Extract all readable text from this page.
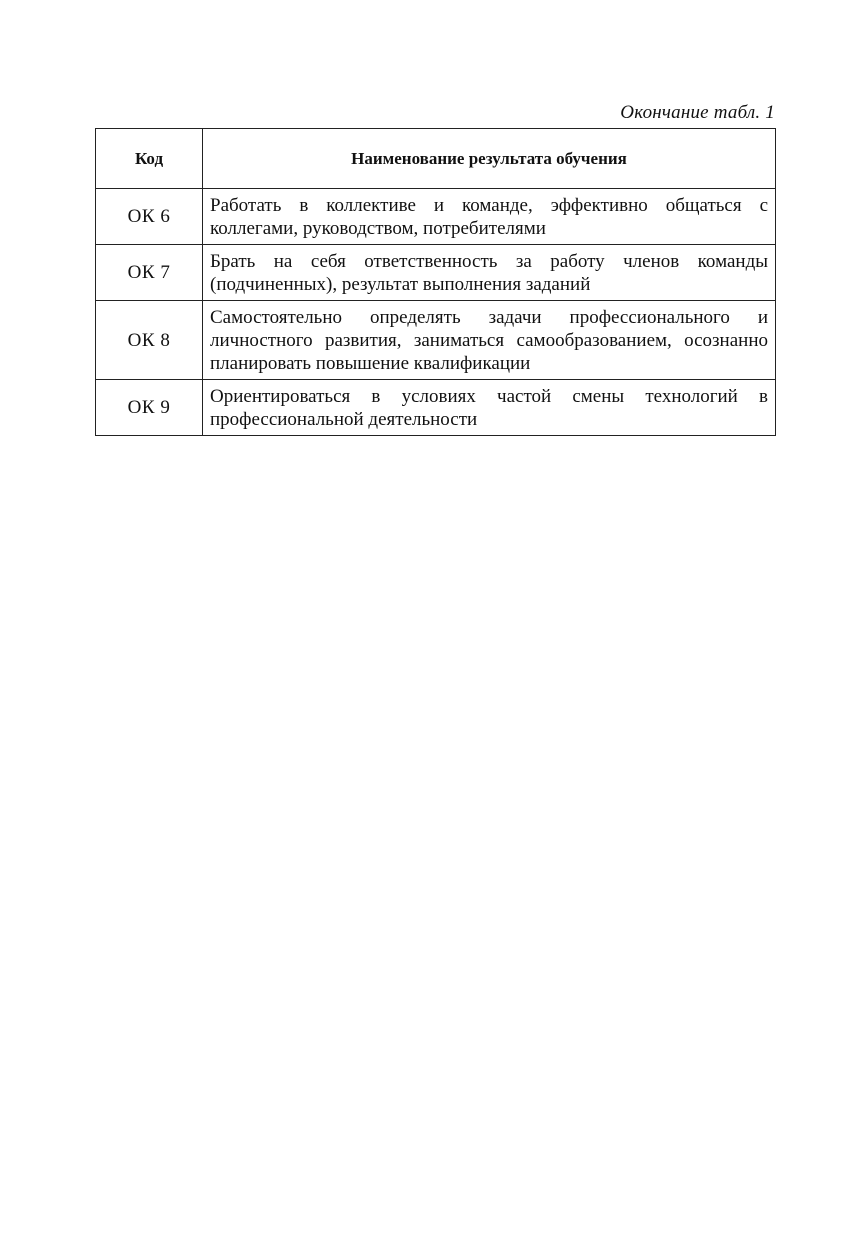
Окончание табл. 1
Код	Наименование результата обучения
ОК 6	Работать в коллективе и команде, эффективно общаться с коллегами, руководством, потребителями
ОК 7	Брать на себя ответственность за работу членов команды (подчиненных), результат выполнения заданий
ОК 8	Самостоятельно определять задачи профессионального и личностного развития, заниматься самообразованием, осознанно планировать повышение квалификации
ОК 9	Ориентироваться в условиях частой смены технологий в профессиональной деятельности
